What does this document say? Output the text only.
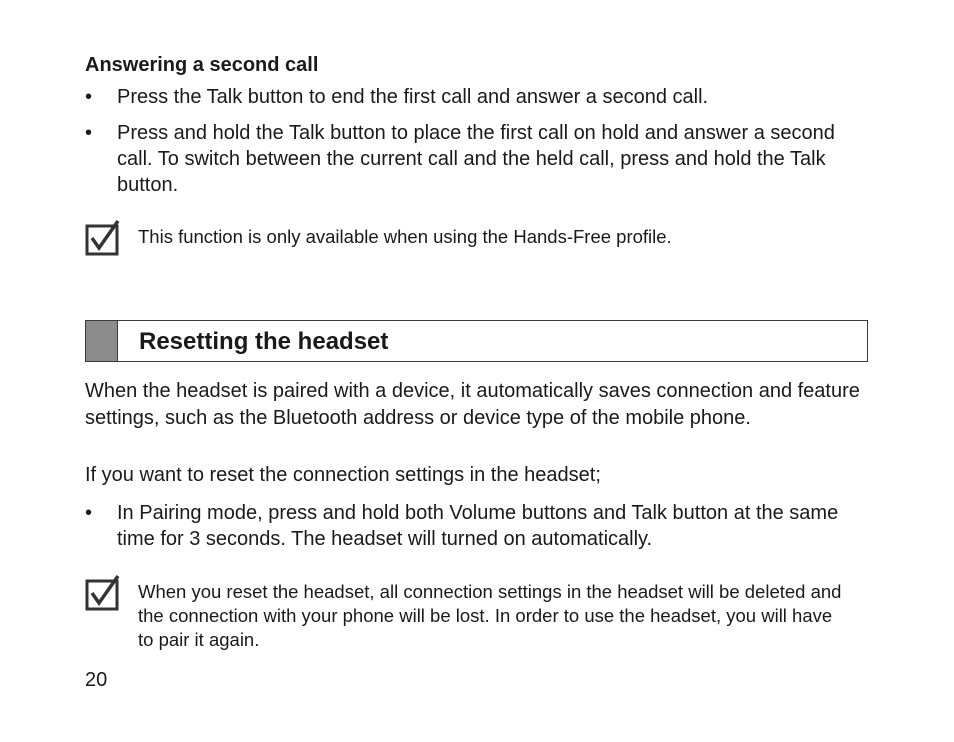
Answering a second call
•	Press the Talk button to end the first call and answer a second call.
•	Press and hold the Talk button to place the first call on hold and answer a second call. To switch between the current call and the held call, press and hold the Talk button.
This function is only available when using the Hands-Free profile.
Resetting the headset
When the headset is paired with a device, it automatically saves connection and feature settings, such as the Bluetooth address or device type of the mobile phone.
If you want to reset the connection settings in the headset;
•	In Pairing mode, press and hold both Volume buttons and Talk button at the same time for 3 seconds. The headset will turned on automatically.
When you reset the headset, all connection settings in the headset will be deleted and the connection with your phone will be lost. In order to use the headset, you will have to pair it again.
20
